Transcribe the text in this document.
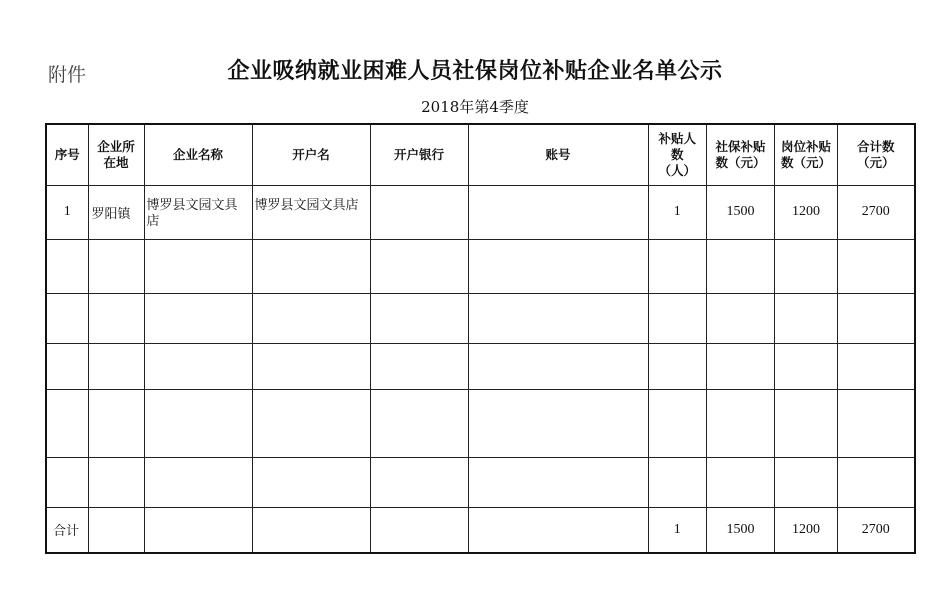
附件	企业吸纳就业困难人员社保岗位补贴企业名单公示
2018年第4季度
序号	企业所在地	企业名称	开户名	开户银行	账号	补贴人数（人）	社保补贴数（元）	岗位补贴数（元）	合计数（元）
1	罗阳镇	博罗县文园文具店	博罗县文园文具店			1	1500	1200	2700

合计						1	1500	1200	2700
